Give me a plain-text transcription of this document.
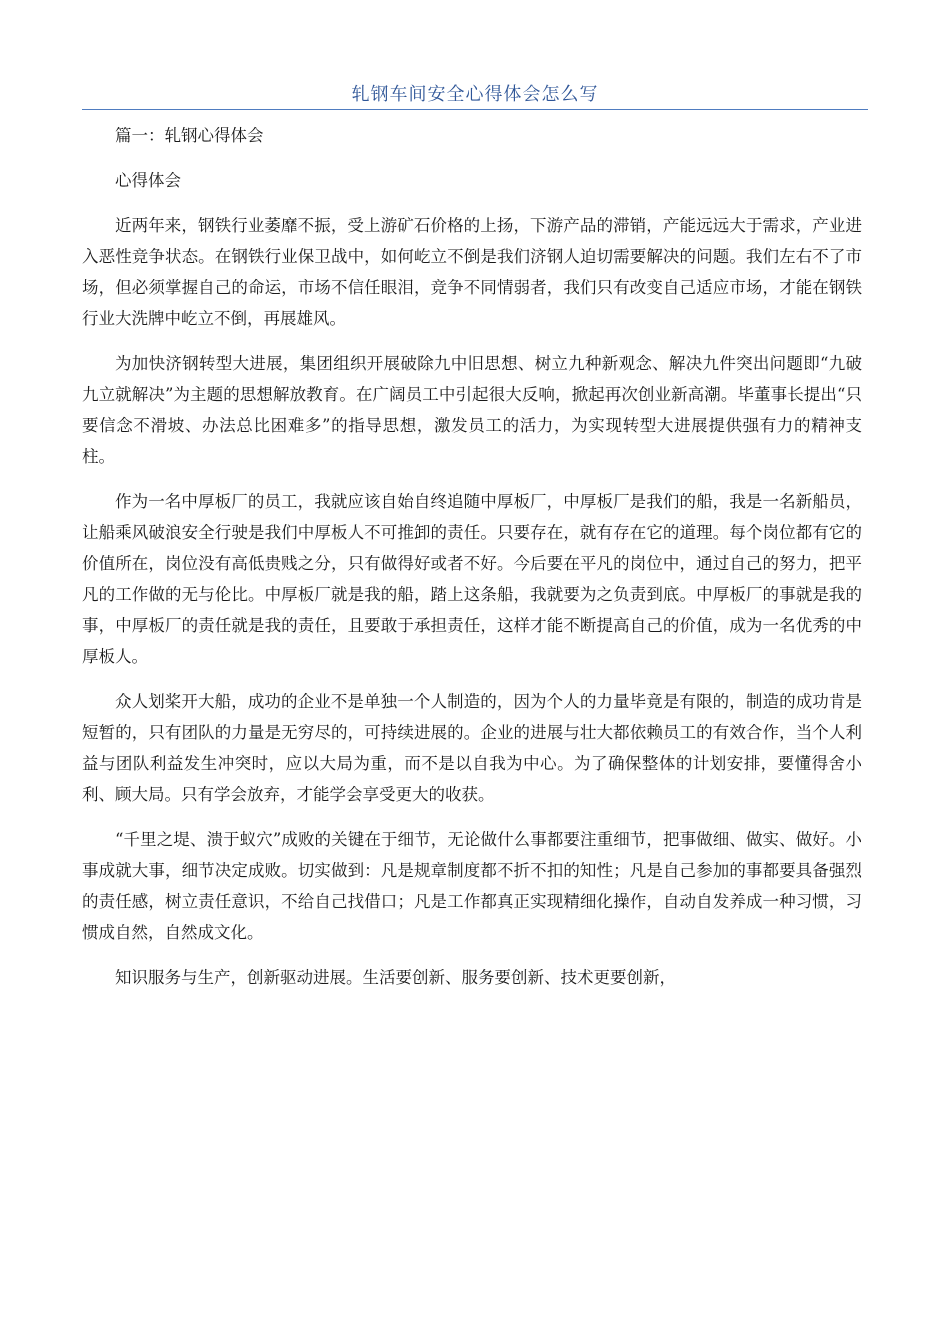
轧钢车间安全心得体会怎么写

篇一：轧钢心得体会

心得体会

近两年来，钢铁行业萎靡不振，受上游矿石价格的上扬，下游产品的滞销，产能远远大于需求，产业进入恶性竞争状态。在钢铁行业保卫战中，如何屹立不倒是我们济钢人迫切需要解决的问题。我们左右不了市场，但必须掌握自己的命运，市场不信任眼泪，竞争不同情弱者，我们只有改变自己适应市场，才能在钢铁行业大洗牌中屹立不倒，再展雄风。

为加快济钢转型大进展，集团组织开展破除九中旧思想、树立九种新观念、解决九件突出问题即“九破九立就解决”为主题的思想解放教育。在广阔员工中引起很大反响，掀起再次创业新高潮。毕董事长提出“只要信念不滑坡、办法总比困难多”的指导思想，激发员工的活力，为实现转型大进展提供强有力的精神支柱。

作为一名中厚板厂的员工，我就应该自始自终追随中厚板厂，中厚板厂是我们的船，我是一名新船员，让船乘风破浪安全行驶是我们中厚板人不可推卸的责任。只要存在，就有存在它的道理。每个岗位都有它的价值所在，岗位没有高低贵贱之分，只有做得好或者不好。今后要在平凡的岗位中，通过自己的努力，把平凡的工作做的无与伦比。中厚板厂就是我的船，踏上这条船，我就要为之负责到底。中厚板厂的事就是我的事，中厚板厂的责任就是我的责任，且要敢于承担责任，这样才能不断提高自己的价值，成为一名优秀的中厚板人。

众人划桨开大船，成功的企业不是单独一个人制造的，因为个人的力量毕竟是有限的，制造的成功肯是短暂的，只有团队的力量是无穷尽的，可持续进展的。企业的进展与壮大都依赖员工的有效合作，当个人利益与团队利益发生冲突时，应以大局为重，而不是以自我为中心。为了确保整体的计划安排，要懂得舍小利、顾大局。只有学会放弃，才能学会享受更大的收获。

“千里之堤、溃于蚁穴”成败的关键在于细节，无论做什么事都要注重细节，把事做细、做实、做好。小事成就大事，细节决定成败。切实做到：凡是规章制度都不折不扣的知性；凡是自己参加的事都要具备强烈的责任感，树立责任意识，不给自己找借口；凡是工作都真正实现精细化操作，自动自发养成一种习惯，习惯成自然，自然成文化。

知识服务与生产，创新驱动进展。生活要创新、服务要创新、技术更要创新，
